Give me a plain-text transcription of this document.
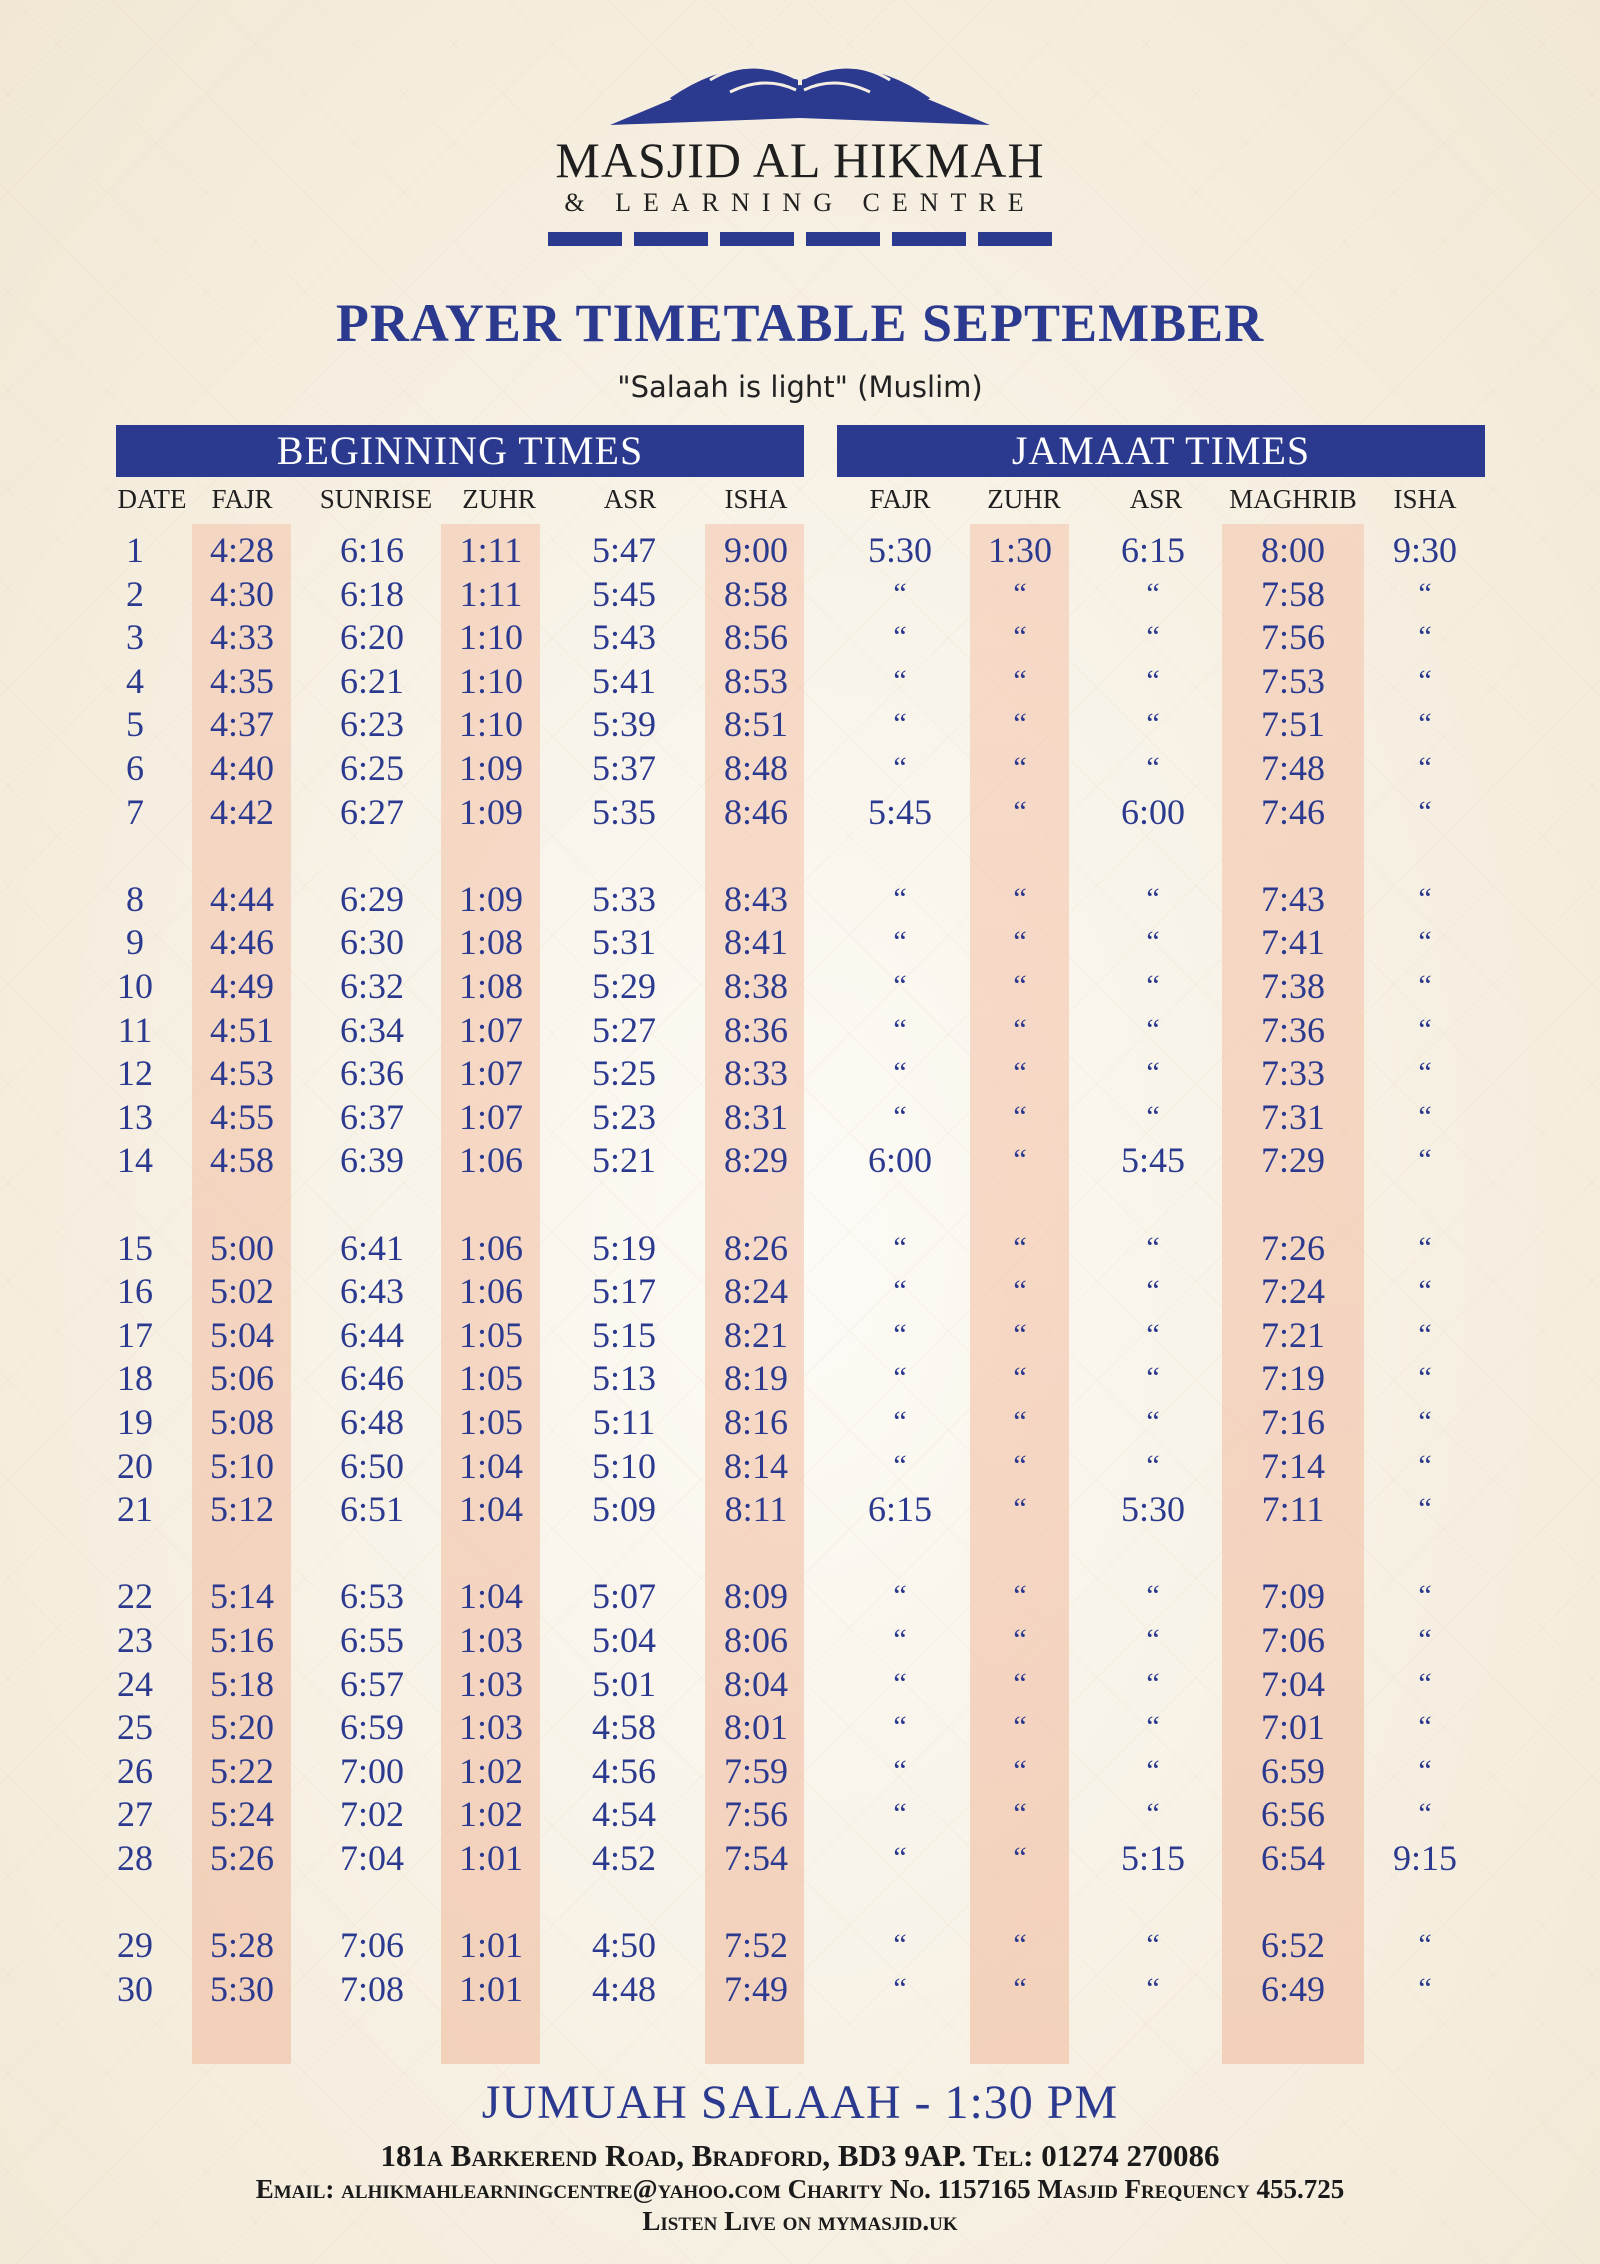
MASJID AL HIKMAH
& LEARNING CENTRE
PRAYER TIMETABLE SEPTEMBER
"Salaah is light" (Muslim)
BEGINNING TIMES	JAMAAT TIMES
DATE FAJR SUNRISE ZUHR	ASR	ISHA	FAJR ZUHR	ASR MAGHRIB ISHA
1 4:28 6:16 1:11 5:47 9:00 5:30 1:30 6:15 8:00 9:30
2 4:30 6:18 1:11 5:45 8:58	“	“	“	7:58	“
3 4:33 6:20 1:10 5:43 8:56	“	“	“	7:56	“
4 4:35 6:21 1:10 5:41 8:53	“	“	“	7:53	“
5 4:37 6:23 1:10 5:39 8:51	“	“	“	7:51	“
6 4:40 6:25 1:09 5:37 8:48	“	“	“	7:48	“
7 4:42 6:27 1:09 5:35 8:46 5:45	“	6:00 7:46	“
8 4:44 6:29 1:09 5:33 8:43	“	“	“	7:43	“
9 4:46 6:30 1:08 5:31 8:41	“	“	“	7:41	“
10 4:49 6:32 1:08 5:29 8:38	“	“	“	7:38	“
11 4:51 6:34 1:07 5:27 8:36	“	“	“	7:36	“
12 4:53 6:36 1:07 5:25 8:33	“	“	“	7:33	“
13 4:55 6:37 1:07 5:23 8:31	“	“	“	7:31	“
14 4:58 6:39 1:06 5:21 8:29 6:00	“	5:45 7:29	“
15 5:00 6:41 1:06 5:19 8:26	“	“	“	7:26	“
16 5:02 6:43 1:06 5:17 8:24	“	“	“	7:24	“
17 5:04 6:44 1:05 5:15 8:21	“	“	“	7:21	“
18 5:06 6:46 1:05 5:13 8:19	“	“	“	7:19	“
19 5:08 6:48 1:05 5:11 8:16	“	“	“	7:16	“
20 5:10 6:50 1:04 5:10 8:14	“	“	“	7:14	“
21 5:12 6:51 1:04 5:09 8:11 6:15	“	5:30 7:11	“
22 5:14 6:53 1:04 5:07 8:09	“	“	“	7:09	“
23 5:16 6:55 1:03 5:04 8:06	“	“	“	7:06	“
24 5:18 6:57 1:03 5:01 8:04	“	“	“	7:04	“
25 5:20 6:59 1:03 4:58 8:01	“	“	“	7:01	“
26 5:22 7:00 1:02 4:56 7:59	“	“	“	6:59	“
27 5:24 7:02 1:02 4:54 7:56	“	“	“	6:56	“
28 5:26 7:04 1:01 4:52 7:54	“	“	5:15 6:54 9:15
29 5:28 7:06 1:01 4:50 7:52	“	“	“	6:52	“
30 5:30 7:08 1:01 4:48 7:49	“	“	“	6:49	“
JUMUAH SALAAH - 1:30 PM
181a Barkerend Road, Bradford, BD3 9AP. Tel: 01274 270086
Email: alhikmahlearningcentre@yahoo.com Charity No. 1157165 Masjid Frequency 455.725
Listen Live on mymasjid.uk
